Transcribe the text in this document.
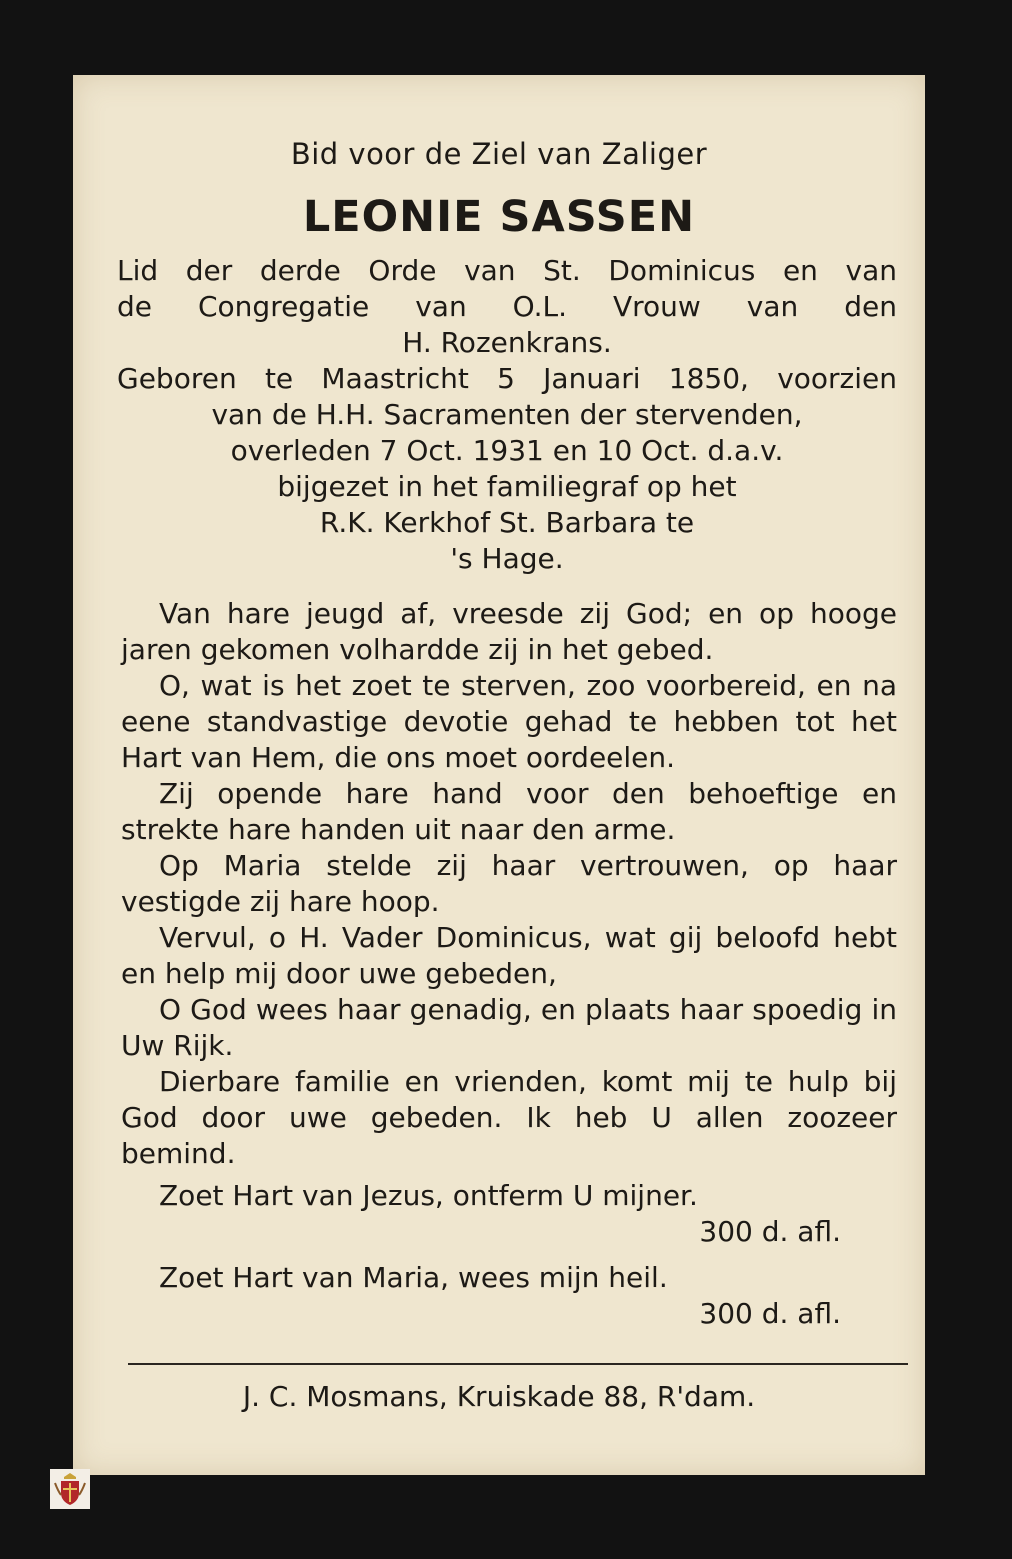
Bid voor de Ziel van Zaliger

LEONIE SASSEN

Lid der derde Orde van St. Dominicus en van
de Congregatie van O.L. Vrouw van den
H. Rozenkrans.
Geboren te Maastricht 5 Januari 1850, voorzien
van de H.H. Sacramenten der stervenden,
overleden 7 Oct. 1931 en 10 Oct. d.a.v.
bijgezet in het familiegraf op het
R.K. Kerkhof St. Barbara te
's Hage.

Van hare jeugd af, vreesde zij God; en op hooge jaren gekomen volhardde zij in het gebed.

O, wat is het zoet te sterven, zoo voorbereid, en na eene standvastige devotie gehad te hebben tot het Hart van Hem, die ons moet oordeelen.

Zij opende hare hand voor den behoeftige en strekte hare handen uit naar den arme.

Op Maria stelde zij haar vertrouwen, op haar vestigde zij hare hoop.

Vervul, o H. Vader Dominicus, wat gij beloofd hebt en help mij door uwe gebeden,

O God wees haar genadig, en plaats haar spoedig in Uw Rijk.

Dierbare familie en vrienden, komt mij te hulp bij God door uwe gebeden. Ik heb U allen zoozeer bemind.

Zoet Hart van Jezus, ontferm U mijner.
300 d. afl.
Zoet Hart van Maria, wees mijn heil.
300 d. afl.

J. C. Mosmans, Kruiskade 88, R'dam.
